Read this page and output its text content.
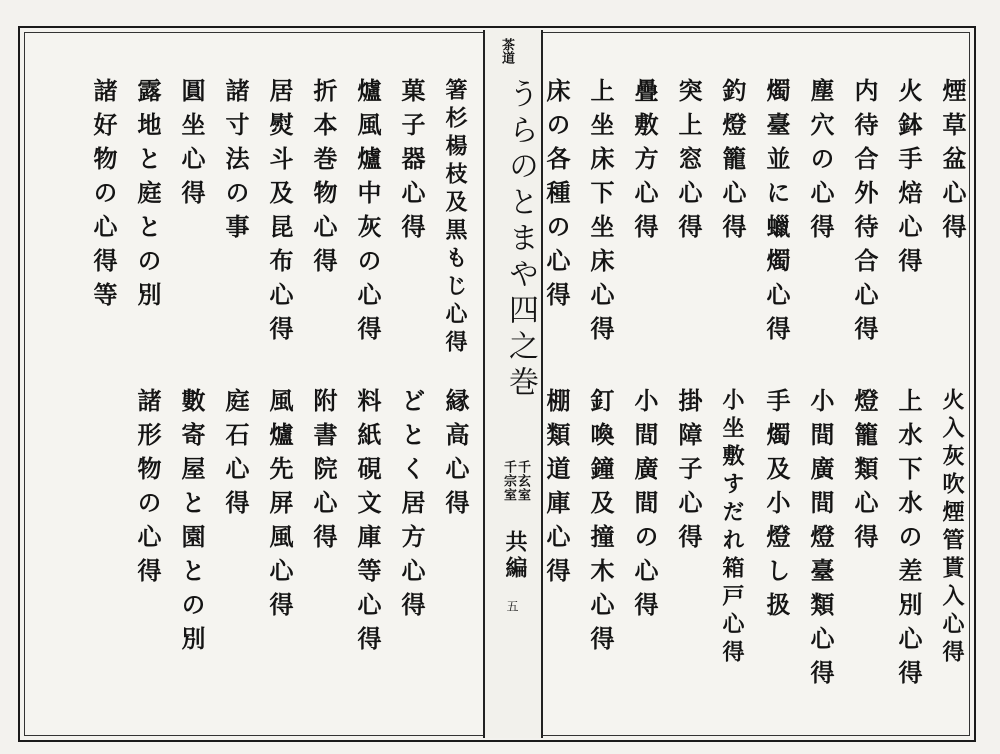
箸杉楊枝及黒もじ心得
菓子器心得
爐風爐中灰の心得
折本巻物心得
居熨斗及昆布心得
諸寸法の事
圓坐心得
露地と庭との別
諸好物の心得等
縁高心得
どとく居方心得
料紙硯文庫等心得
附書院心得
風爐先屏風心得
庭石心得
數寄屋と園との別
諸形物の心得
茶道
うらのとまや四之巻
千玄室
千宗室
共編
五
煙草盆心得
火鉢手焙心得
内待合外待合心得
塵穴の心得
燭臺並に蠟燭心得
釣燈籠心得
突上窓心得
疊敷方心得
上坐床下坐床心得
床の各種の心得
火入灰吹煙管貰入心得
上水下水の差別心得
燈籠類心得
小間廣間燈臺類心得
手燭及小燈し扱
小坐敷すだれ箱戸心得
掛障子心得
小間廣間の心得
釘喚鐘及撞木心得
棚類道庫心得
